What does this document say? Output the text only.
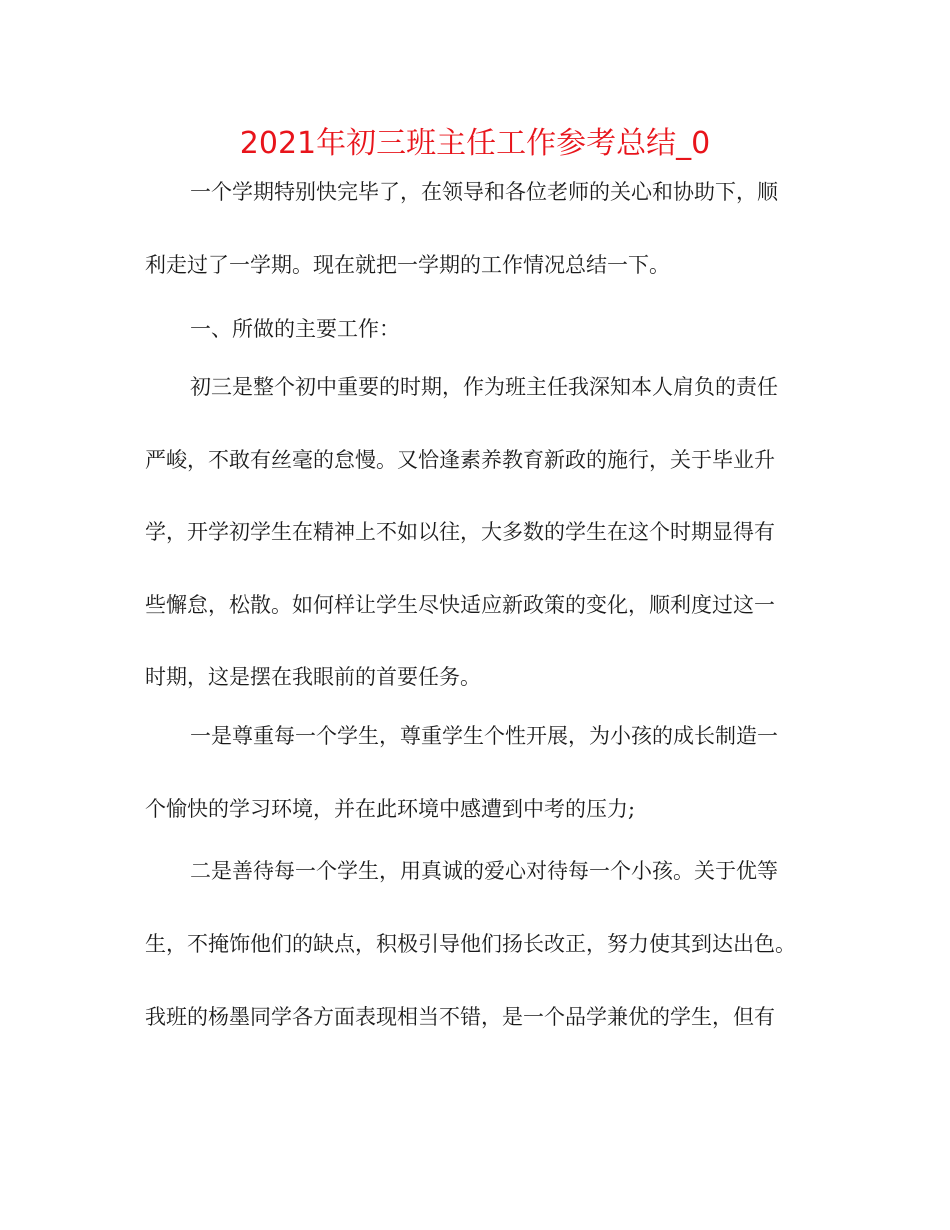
2021年初三班主任工作参考总结_0
一个学期特别快完毕了，在领导和各位老师的关心和协助下，顺
利走过了一学期。现在就把一学期的工作情况总结一下。
一、所做的主要工作：
初三是整个初中重要的时期，作为班主任我深知本人肩负的责任
严峻，不敢有丝毫的怠慢。又恰逢素养教育新政的施行，关于毕业升
学，开学初学生在精神上不如以往，大多数的学生在这个时期显得有
些懈怠，松散。如何样让学生尽快适应新政策的变化，顺利度过这一
时期，这是摆在我眼前的首要任务。
一是尊重每一个学生，尊重学生个性开展，为小孩的成长制造一
个愉快的学习环境，并在此环境中感遭到中考的压力;
二是善待每一个学生，用真诚的爱心对待每一个小孩。关于优等
生，不掩饰他们的缺点，积极引导他们扬长改正，努力使其到达出色。
我班的杨墨同学各方面表现相当不错，是一个品学兼优的学生，但有
